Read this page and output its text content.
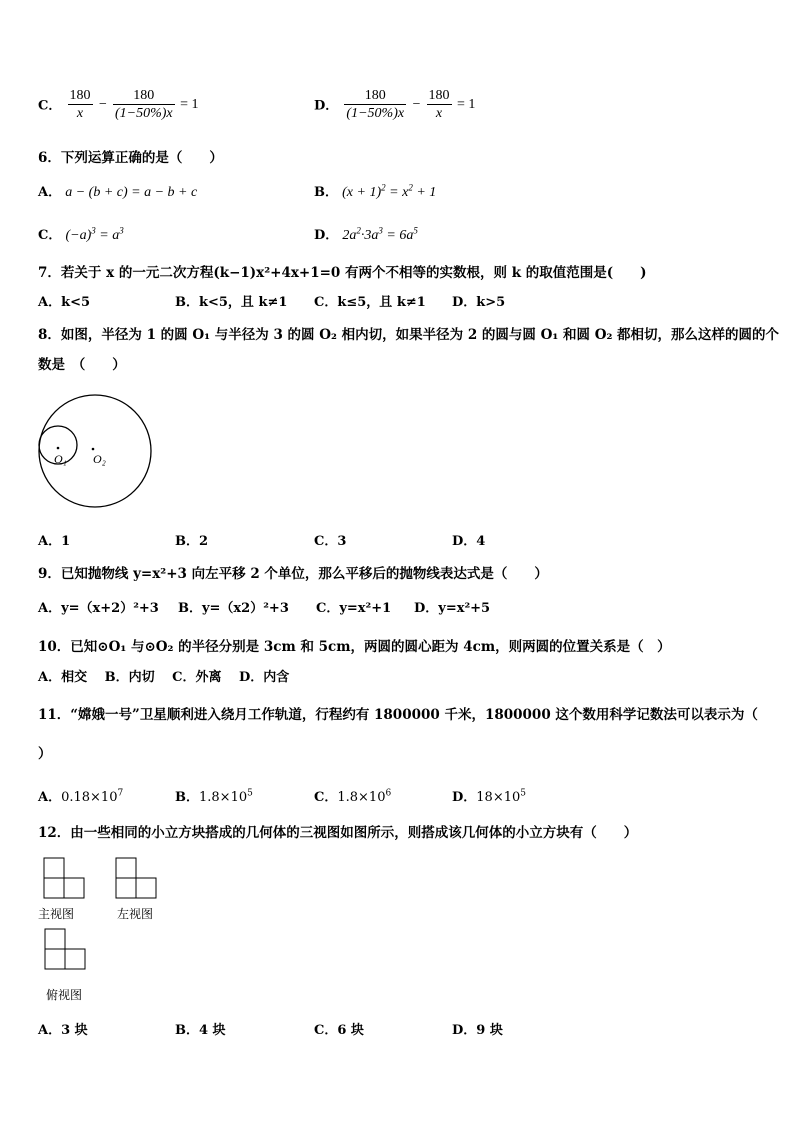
C． $\frac{180}{x} - \frac{180}{(1-50\%)x} = 1$	D． $\frac{180}{(1-50\%)x} - \frac{180}{x} = 1$
6．下列运算正确的是（　　）
A． a − (b + c) = a − b + c	B． $(x + 1)^2 = x^2 + 1$
C． $(-a)^3 = a^3$	D． $2a^2\cdot 3a^3 = 6a^5$
7．若关于 x 的一元二次方程(k−1)x²+4x+1=0 有两个不相等的实数根，则 k 的取值范围是(　　)
A．k<5	B．k<5，且 k≠1 C．k≤5，且 k≠1 D．k>5
8．如图，半径为 1 的圆 O₁ 与半径为 3 的圆 O₂ 相内切，如果半径为 2 的圆与圆 O₁ 和圆 O₂ 都相切，那么这样的圆的个
数是　（　　）
O₁ O₂
A．1	B．2	C．3	D．4
9．已知抛物线 y=x²+3 向左平移 2 个单位，那么平移后的抛物线表达式是（　　）
A．y=（x+2）²+3 B．y=（x2）²+3 C．y=x²+1 D．y=x²+5
10．已知⊙O₁ 与⊙O₂ 的半径分别是 3cm 和 5cm，两圆的圆心距为 4cm，则两圆的位置关系是（　）
A．相交　 B．内切　 C．外离　 D．内含
11．“嫦娥一号”卫星顺利进入绕月工作轨道，行程约有 1800000 千米，1800000 这个数用科学记数法可以表示为（
）
A．$0.18\times 10^7$	B．$1.8\times 10^5$	C．$1.8\times 10^6$	D．$18\times 10^5$
12．由一些相同的小立方块搭成的几何体的三视图如图所示，则搭成该几何体的小立方块有（　　）
主视图	左视图
俯视图
A．3 块	B．4 块	C．6 块	D．9 块
